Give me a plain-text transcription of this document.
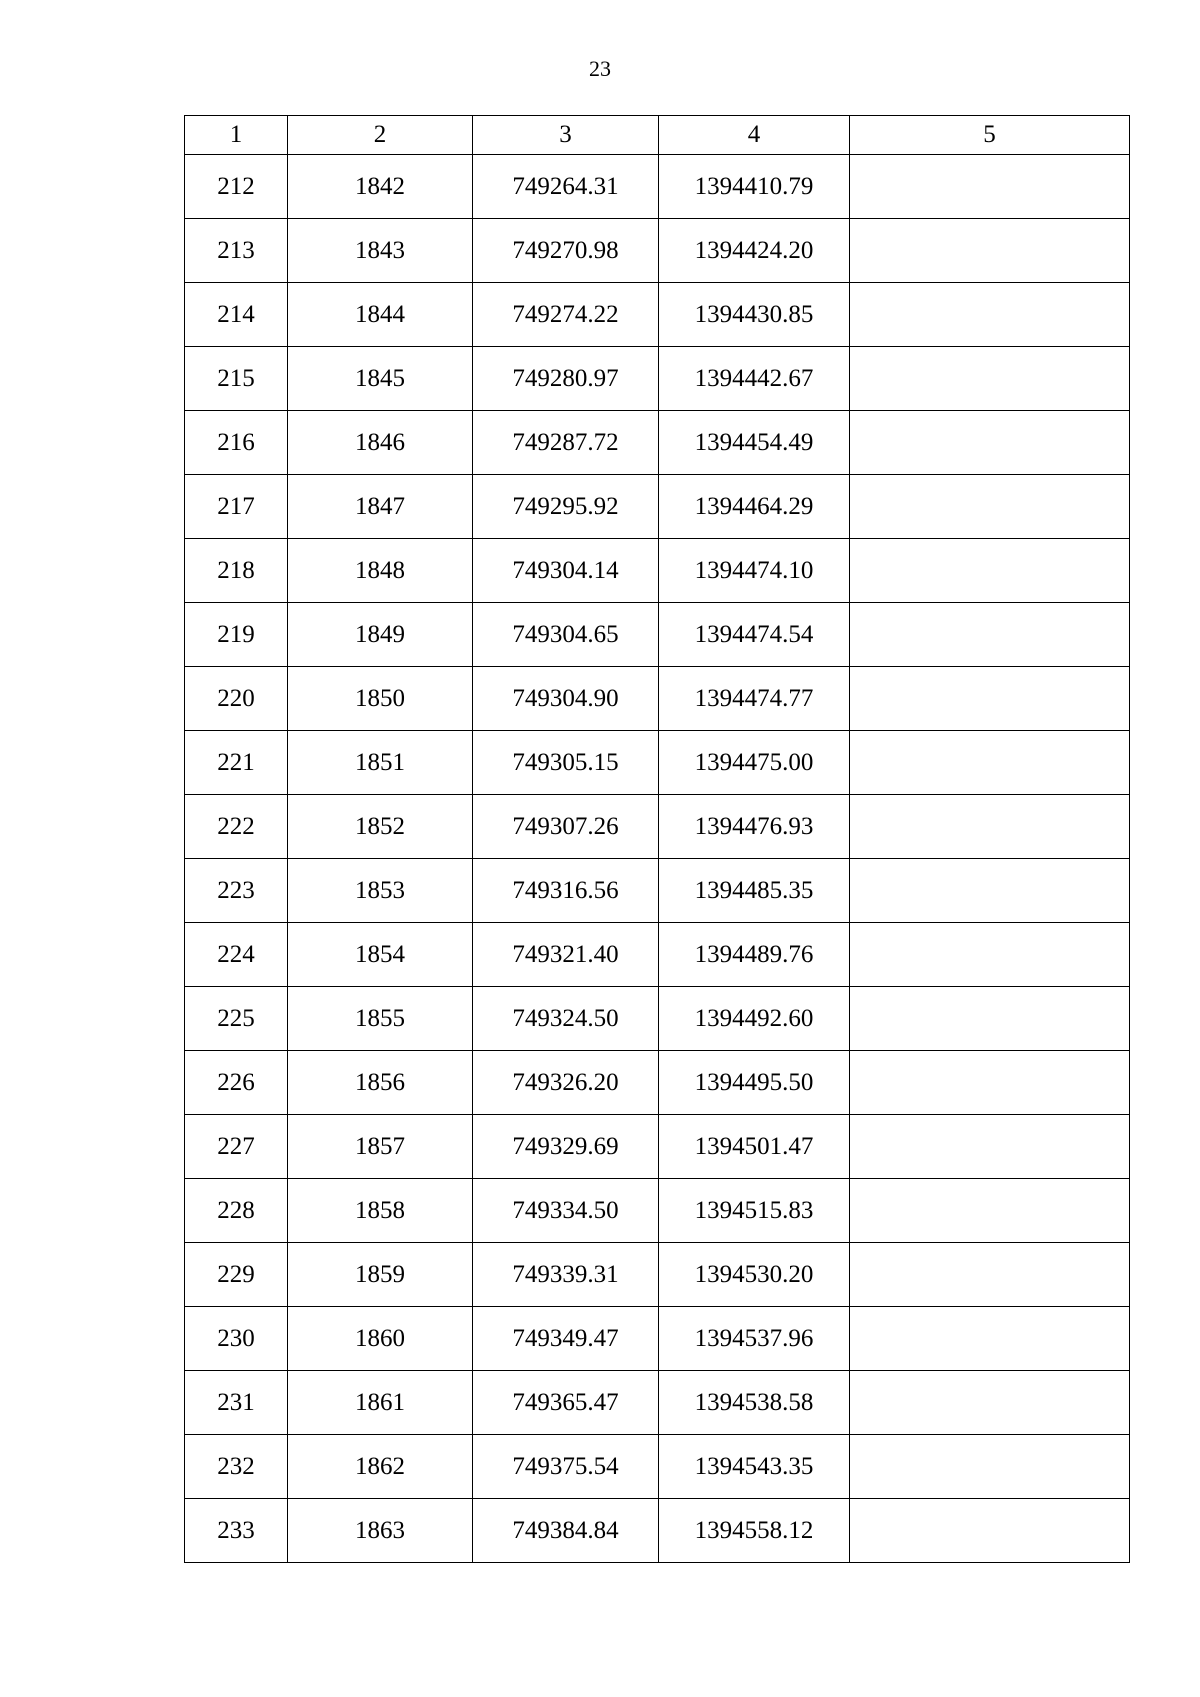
23
1	2	3	4	5
212	1842	749264.31	1394410.79	
213	1843	749270.98	1394424.20	
214	1844	749274.22	1394430.85	
215	1845	749280.97	1394442.67	
216	1846	749287.72	1394454.49	
217	1847	749295.92	1394464.29	
218	1848	749304.14	1394474.10	
219	1849	749304.65	1394474.54	
220	1850	749304.90	1394474.77	
221	1851	749305.15	1394475.00	
222	1852	749307.26	1394476.93	
223	1853	749316.56	1394485.35	
224	1854	749321.40	1394489.76	
225	1855	749324.50	1394492.60	
226	1856	749326.20	1394495.50	
227	1857	749329.69	1394501.47	
228	1858	749334.50	1394515.83	
229	1859	749339.31	1394530.20	
230	1860	749349.47	1394537.96	
231	1861	749365.47	1394538.58	
232	1862	749375.54	1394543.35	
233	1863	749384.84	1394558.12	
